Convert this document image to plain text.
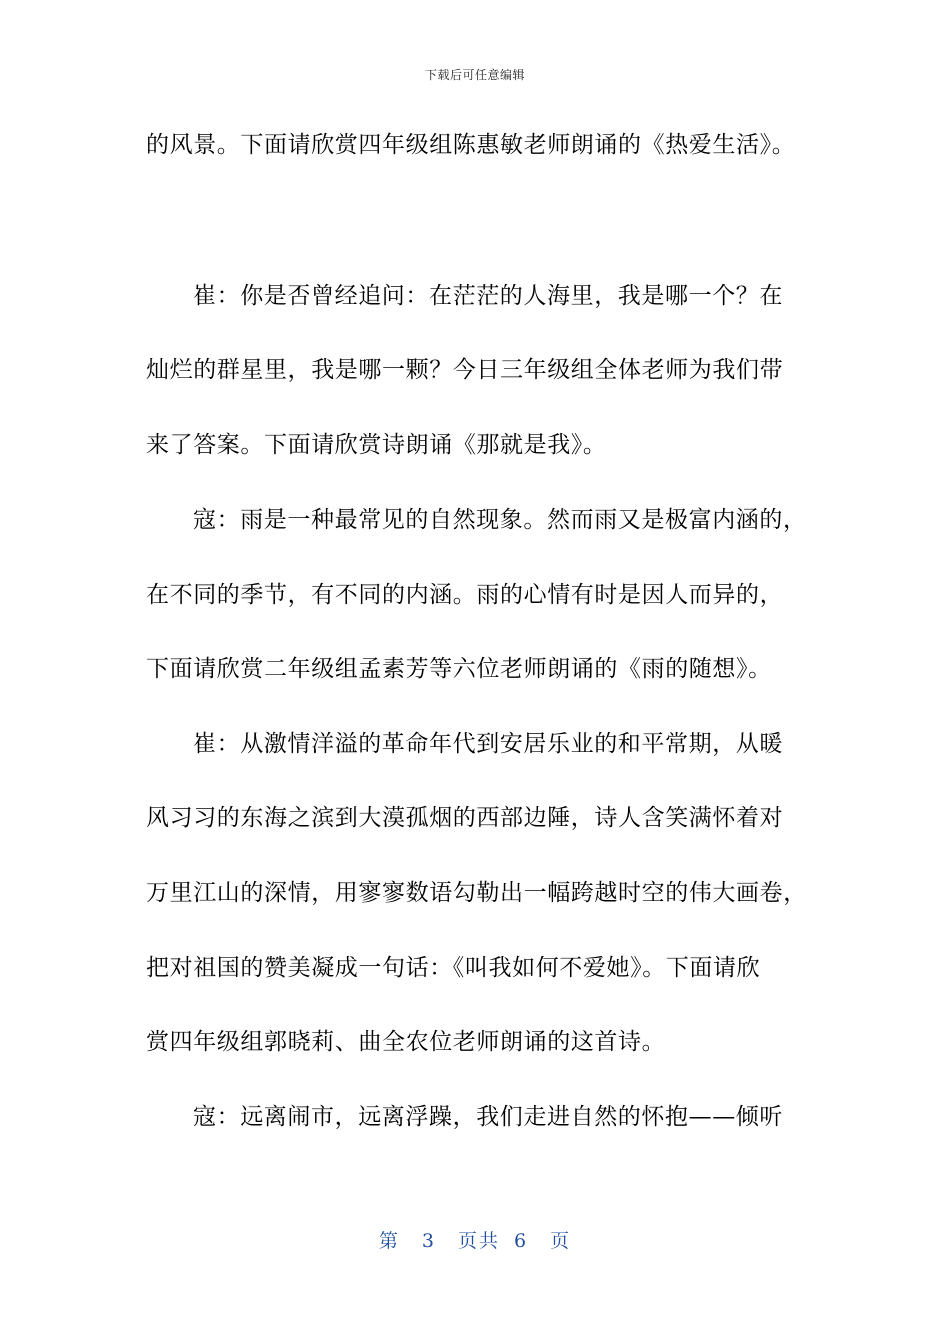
下载后可任意编辑
的风景。下面请欣赏四年级组陈惠敏老师朗诵的《热爱生活》。
崔：你是否曾经追问：在茫茫的人海里，我是哪一个？在
灿烂的群星里，我是哪一颗？今日三年级组全体老师为我们带
来了答案。下面请欣赏诗朗诵《那就是我》。
寇：雨是一种最常见的自然现象。然而雨又是极富内涵的，
在不同的季节，有不同的内涵。雨的心情有时是因人而异的，
下面请欣赏二年级组孟素芳等六位老师朗诵的《雨的随想》。
崔：从激情洋溢的革命年代到安居乐业的和平常期，从暖
风习习的东海之滨到大漠孤烟的西部边陲，诗人含笑满怀着对
万里江山的深情，用寥寥数语勾勒出一幅跨越时空的伟大画卷，
把对祖国的赞美凝成一句话：《叫我如何不爱她》。下面请欣
赏四年级组郭晓莉、曲全农位老师朗诵的这首诗。
寇：远离闹市，远离浮躁，我们走进自然的怀抱——倾听
第 3 页共 6 页
